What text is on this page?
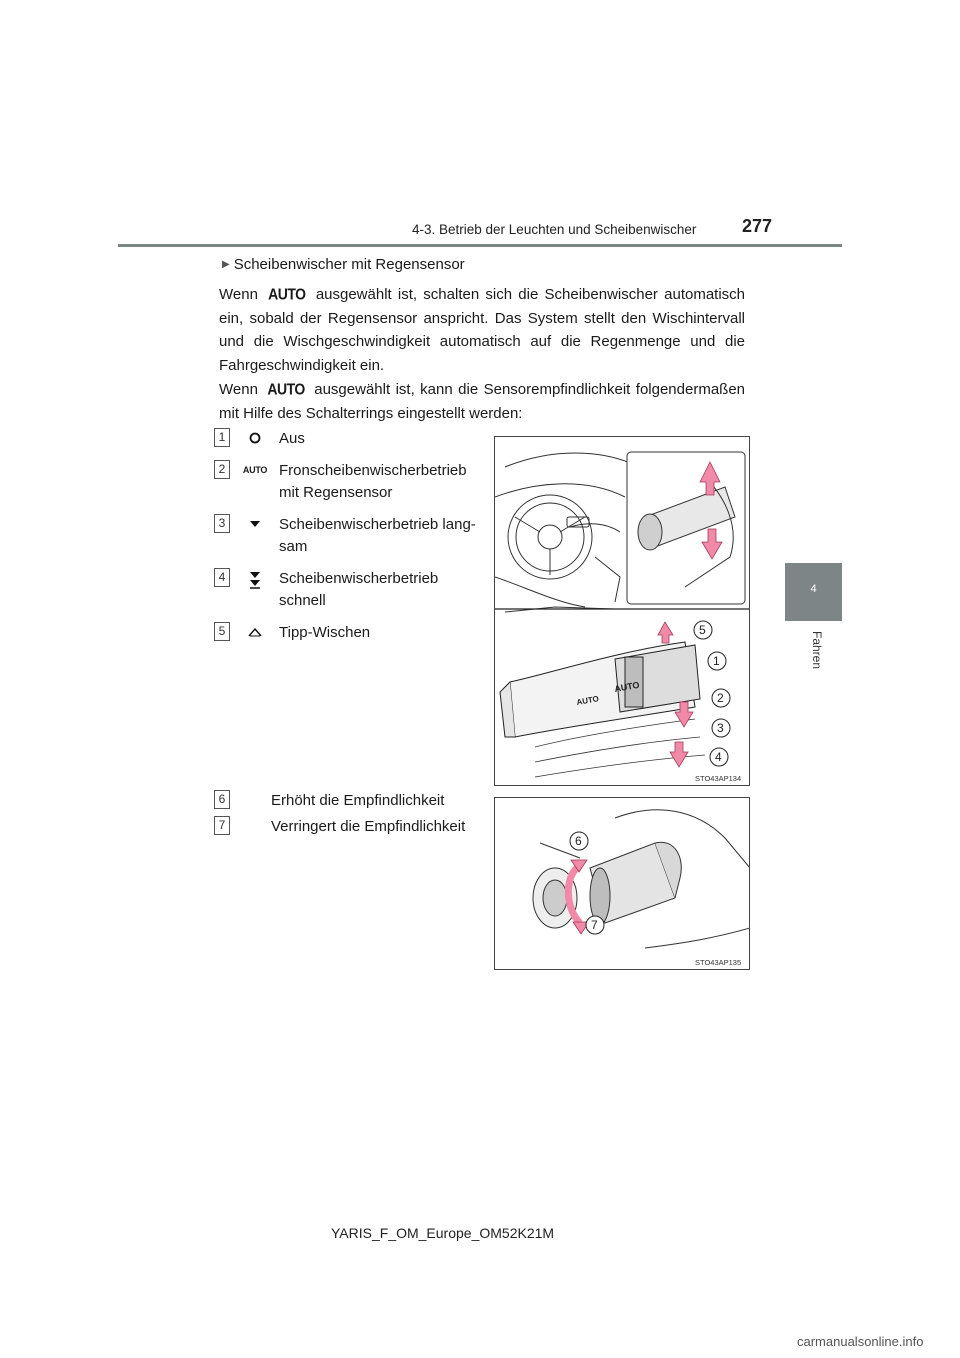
4-3. Betrieb der Leuchten und Scheibenwischer	277
4
Fahren
▶ Scheibenwischer mit Regensensor
Wenn AUTO ausgewählt ist, schalten sich die Scheibenwischer automatisch ein, sobald der Regensensor anspricht. Das System stellt den Wischintervall und die Wischgeschwindigkeit automatisch auf die Regenmenge und die Fahrgeschwindigkeit ein.
Wenn AUTO ausgewählt ist, kann die Sensorempfindlichkeit folgendermaßen mit Hilfe des Schalterrings eingestellt werden:
1	Aus
2	AUTO Fronscheibenwischerbetrieb mit Regensensor
3	Scheibenwischerbetrieb lang-sam
4	Scheibenwischerbetrieb schnell
5	Tipp-Wischen
AUTO
AUTO
5
1
2
3
4
STO43AP134
6	Erhöht die Empfindlichkeit
7	Verringert die Empfindlichkeit
6
7
STO43AP135
YARIS_F_OM_Europe_OM52K21M
carmanualsonline.info
